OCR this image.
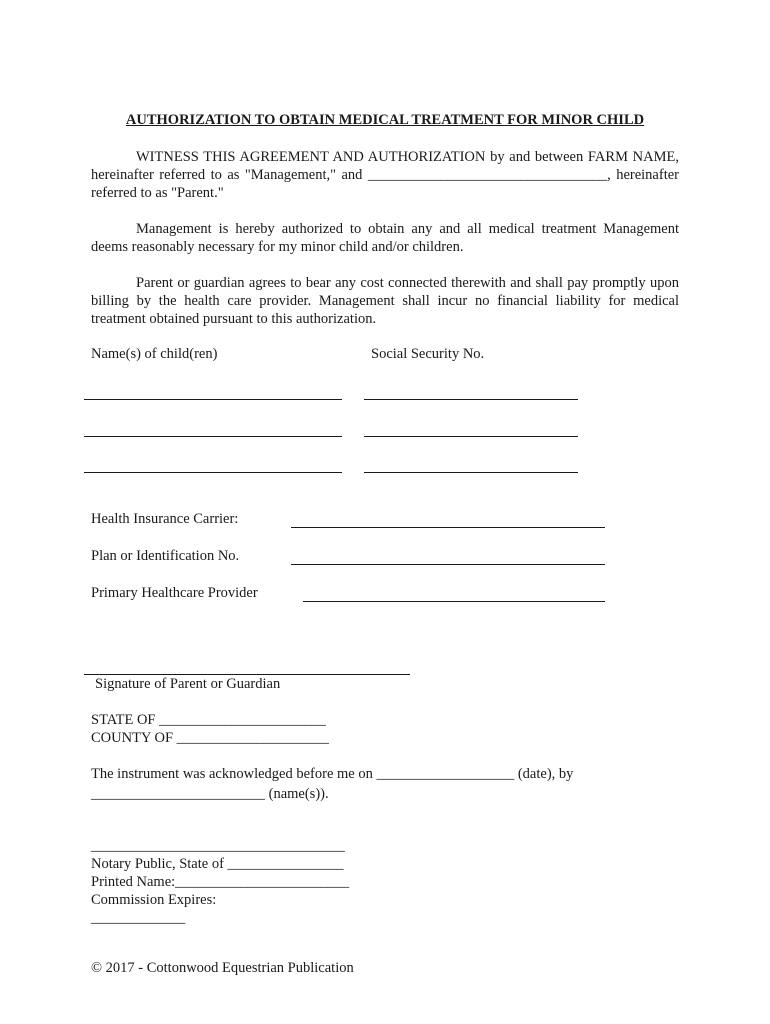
AUTHORIZATION TO OBTAIN MEDICAL TREATMENT FOR MINOR CHILD

WITNESS THIS AGREEMENT AND AUTHORIZATION by and between FARM NAME, hereinafter referred to as "Management," and _________________________________, hereinafter referred to as "Parent."

Management is hereby authorized to obtain any and all medical treatment Management deems reasonably necessary for my minor child and/or children.

Parent or guardian agrees to bear any cost connected therewith and shall pay promptly upon billing by the health care provider. Management shall incur no financial liability for medical treatment obtained pursuant to this authorization.

Name(s) of child(ren)	Social Security No.
Health Insurance Carrier:
Plan or Identification No.
Primary Healthcare Provider
Signature of Parent or Guardian
STATE OF _______________________
COUNTY OF _____________________
The instrument was acknowledged before me on ___________________ (date), by
________________________ (name(s)).
___________________________________
Notary Public, State of ________________
Printed Name:________________________
Commission Expires:
_____________
© 2017 - Cottonwood Equestrian Publication
